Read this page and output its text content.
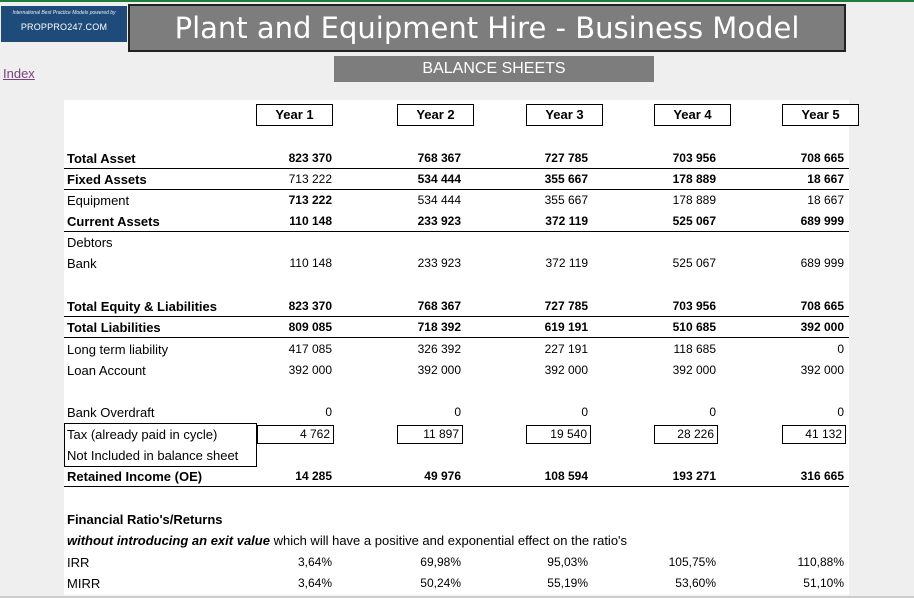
International Best Practice Models powered by
PROPPRO247.COM	Plant and Equipment Hire - Business Model
BALANCE SHEETS
Index
Year 1	Year 2	Year 3	Year 4	Year 5
Total Asset	823 370	768 367	727 785	703 956	708 665
Fixed Assets	713 222	534 444	355 667	178 889	18 667
Equipment	713 222	534 444	355 667	178 889	18 667
Current Assets	110 148	233 923	372 119	525 067	689 999
Debtors
Bank	110 148	233 923	372 119	525 067	689 999
Total Equity & Liabilities	823 370	768 367	727 785	703 956	708 665
Total Liabilities	809 085	718 392	619 191	510 685	392 000
Long term liability	417 085	326 392	227 191	118 685	0
Loan Account	392 000	392 000	392 000	392 000	392 000
Bank Overdraft	0	0	0	0	0
Tax (already paid in cycle)	4 762	11 897	19 540	28 226	41 132
Not Included in balance sheet
Retained Income (OE)	14 285	49 976	108 594	193 271	316 665
Financial Ratio's/Returns
without introducing an exit value which will have a positive and exponential effect on the ratio's
IRR	3,64%	69,98%	95,03%	105,75%	110,88%
MIRR	3,64%	50,24%	55,19%	53,60%	51,10%
